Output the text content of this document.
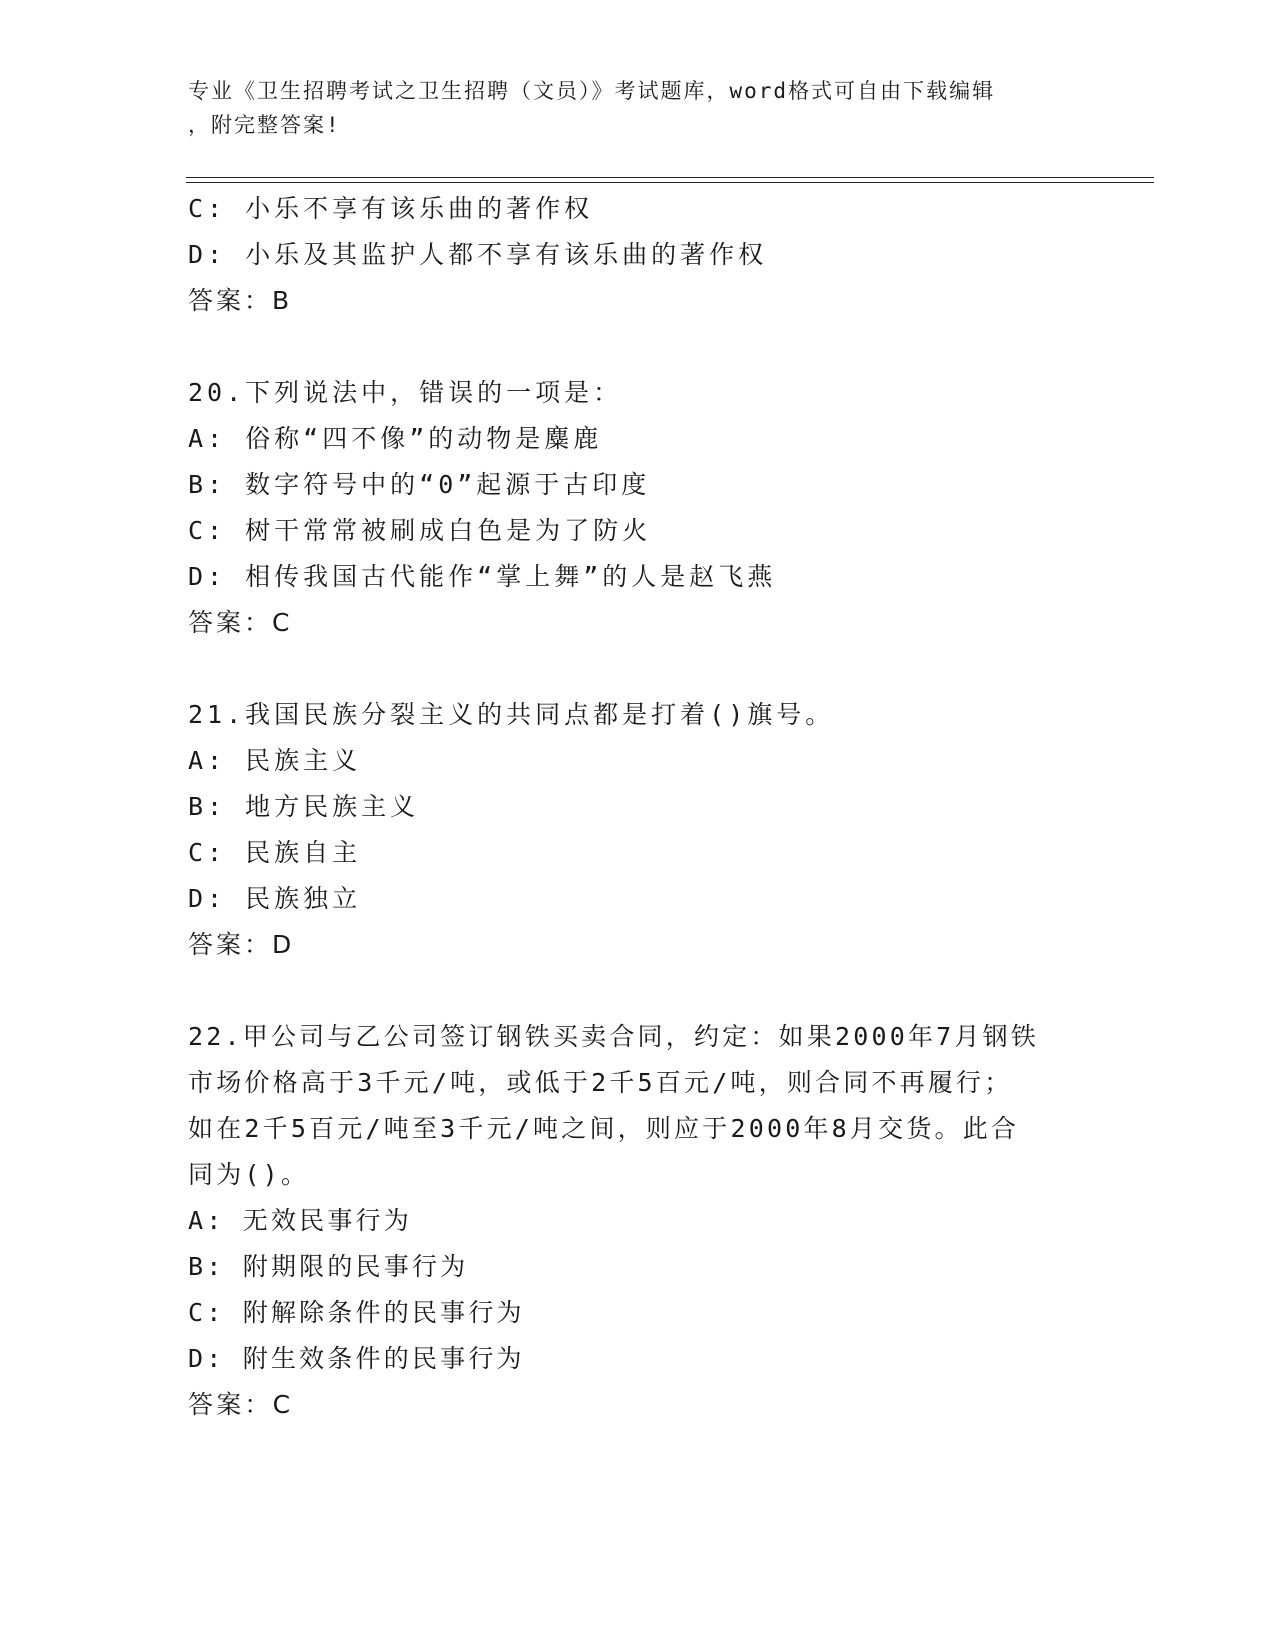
专业《卫生招聘考试之卫生招聘（文员）》考试题库，word格式可自由下载编辑
，附完整答案!
C: 小乐不享有该乐曲的著作权
D: 小乐及其监护人都不享有该乐曲的著作权
答案：B
20.下列说法中，错误的一项是：
A: 俗称“四不像”的动物是麋鹿
B: 数字符号中的“0”起源于古印度
C: 树干常常被刷成白色是为了防火
D: 相传我国古代能作“掌上舞”的人是赵飞燕
答案：C
21.我国民族分裂主义的共同点都是打着()旗号。
A: 民族主义
B: 地方民族主义
C: 民族自主
D: 民族独立
答案：D
22.甲公司与乙公司签订钢铁买卖合同，约定：如果2000年7月钢铁
市场价格高于3千元/吨，或低于2千5百元/吨，则合同不再履行；
如在2千5百元/吨至3千元/吨之间，则应于2000年8月交货。此合
同为()。
A: 无效民事行为
B: 附期限的民事行为
C: 附解除条件的民事行为
D: 附生效条件的民事行为
答案：C
